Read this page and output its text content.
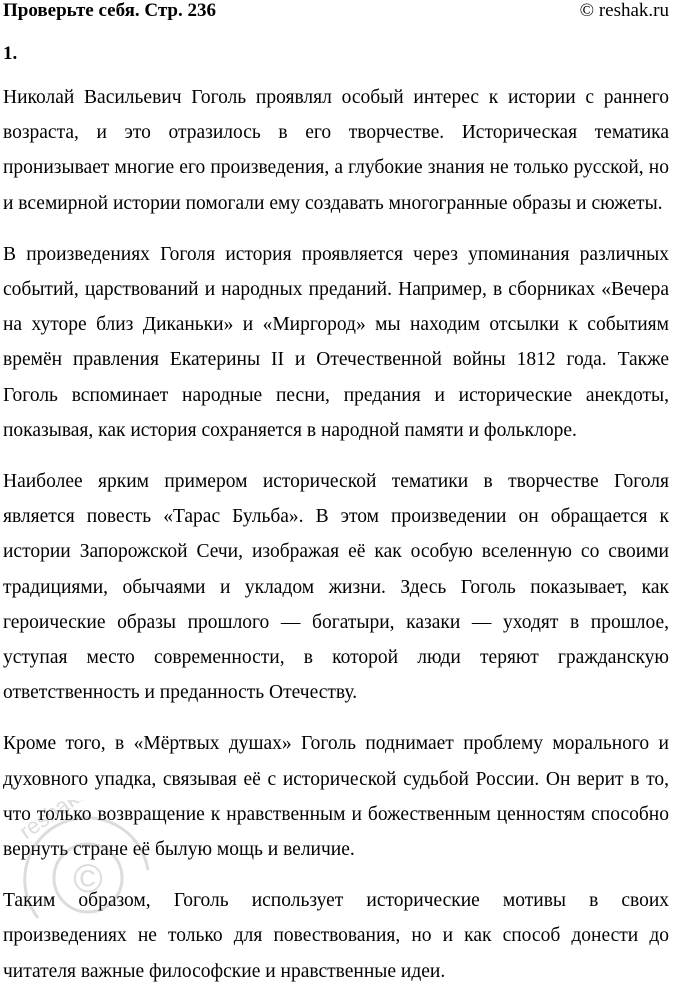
Проверьте себя. Стр. 236	© reshak.ru
1.

Николай Васильевич Гоголь проявлял особый интерес к истории с раннего возраста, и это отразилось в его творчестве. Историческая тематика пронизывает многие его произведения, а глубокие знания не только русской, но и всемирной истории помогали ему создавать многогранные образы и сюжеты.

В произведениях Гоголя история проявляется через упоминания различных событий, царствований и народных преданий. Например, в сборниках «Вечера на хуторе близ Диканьки» и «Миргород» мы находим отсылки к событиям времён правления Екатерины II и Отечественной войны 1812 года. Также Гоголь вспоминает народные песни, предания и исторические анекдоты, показывая, как история сохраняется в народной памяти и фольклоре.

Наиболее ярким примером исторической тематики в творчестве Гоголя является повесть «Тарас Бульба». В этом произведении он обращается к истории Запорожской Сечи, изображая её как особую вселенную со своими традициями, обычаями и укладом жизни. Здесь Гоголь показывает, как героические образы прошлого — богатыри, казаки — уходят в прошлое, уступая место современности, в которой люди теряют гражданскую ответственность и преданность Отечеству.

Кроме того, в «Мёртвых душах» Гоголь поднимает проблему морального и духовного упадка, связывая её с исторической судьбой России. Он верит в то, что только возвращение к нравственным и божественным ценностям способно вернуть стране её былую мощь и величие.

Таким образом, Гоголь использует исторические мотивы в своих произведениях не только для повествования, но и как способ донести до читателя важные философские и нравственные идеи.

©
reshak.ru
